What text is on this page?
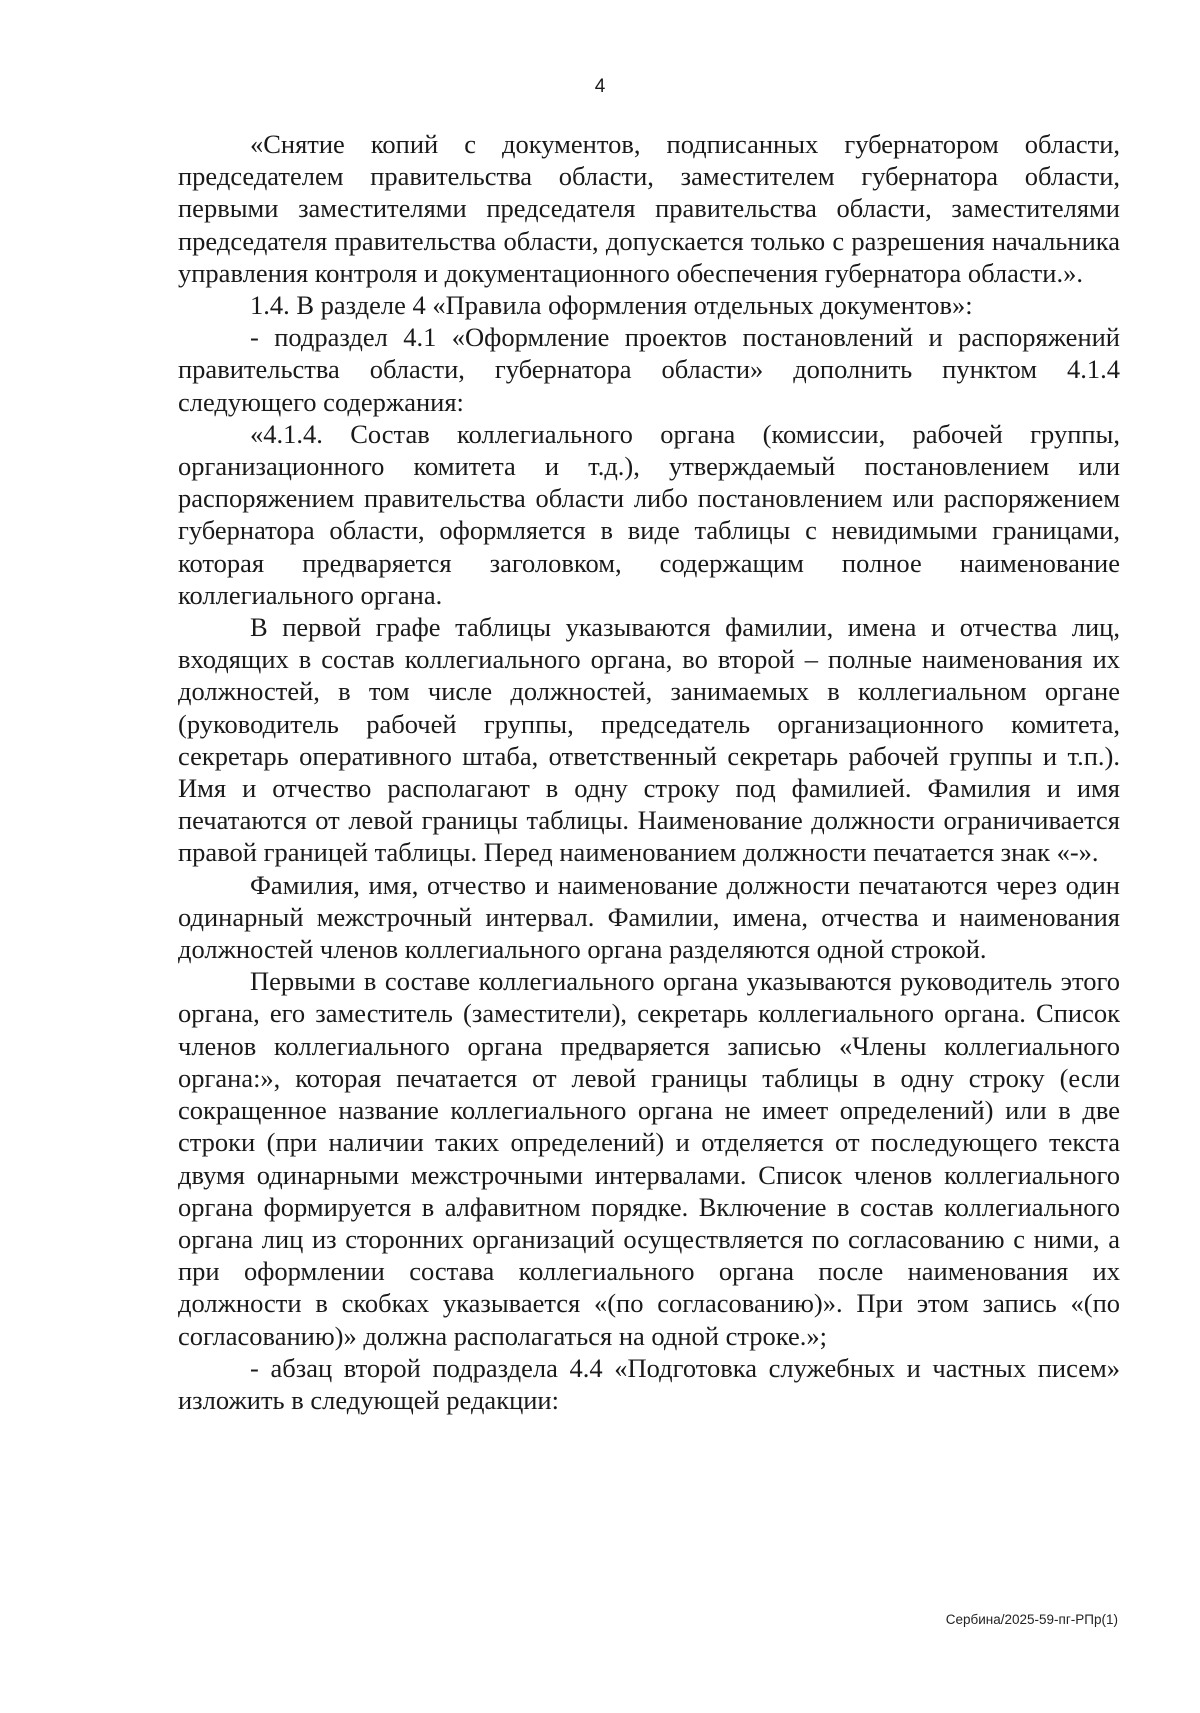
4

«Снятие копий с документов, подписанных губернатором области, председателем правительства области, заместителем губернатора области, первыми заместителями председателя правительства области, заместителями председателя правительства области, допускается только с разрешения начальника управления контроля и документационного обеспечения губернатора области.».

1.4. В разделе 4 «Правила оформления отдельных документов»:

- подраздел 4.1 «Оформление проектов постановлений и распоряжений правительства области, губернатора области» дополнить пунктом 4.1.4 следующего содержания:

«4.1.4. Состав коллегиального органа (комиссии, рабочей группы, организационного комитета и т.д.), утверждаемый постановлением или распоряжением правительства области либо постановлением или распоряжением губернатора области, оформляется в виде таблицы с невидимыми границами, которая предваряется заголовком, содержащим полное наименование коллегиального органа.

В первой графе таблицы указываются фамилии, имена и отчества лиц, входящих в состав коллегиального органа, во второй – полные наименования их должностей, в том числе должностей, занимаемых в коллегиальном органе (руководитель рабочей группы, председатель организационного комитета, секретарь оперативного штаба, ответственный секретарь рабочей группы и т.п.). Имя и отчество располагают в одну строку под фамилией. Фамилия и имя печатаются от левой границы таблицы. Наименование должности ограничивается правой границей таблицы. Перед наименованием должности печатается знак «-».

Фамилия, имя, отчество и наименование должности печатаются через один одинарный межстрочный интервал. Фамилии, имена, отчества и наименования должностей членов коллегиального органа разделяются одной строкой.

Первыми в составе коллегиального органа указываются руководитель этого органа, его заместитель (заместители), секретарь коллегиального органа. Список членов коллегиального органа предваряется записью «Члены коллегиального органа:», которая печатается от левой границы таблицы в одну строку (если сокращенное название коллегиального органа не имеет определений) или в две строки (при наличии таких определений) и отделяется от последующего текста двумя одинарными межстрочными интервалами. Список членов коллегиального органа формируется в алфавитном порядке. Включение в состав коллегиального органа лиц из сторонних организаций осуществляется по согласованию с ними, а при оформлении состава коллегиального органа после наименования их должности в скобках указывается «(по согласованию)». При этом запись «(по согласованию)» должна располагаться на одной строке.»;

- абзац второй подраздела 4.4 «Подготовка служебных и частных писем» изложить в следующей редакции:

Сербина/2025-59-пг-РПр(1)
